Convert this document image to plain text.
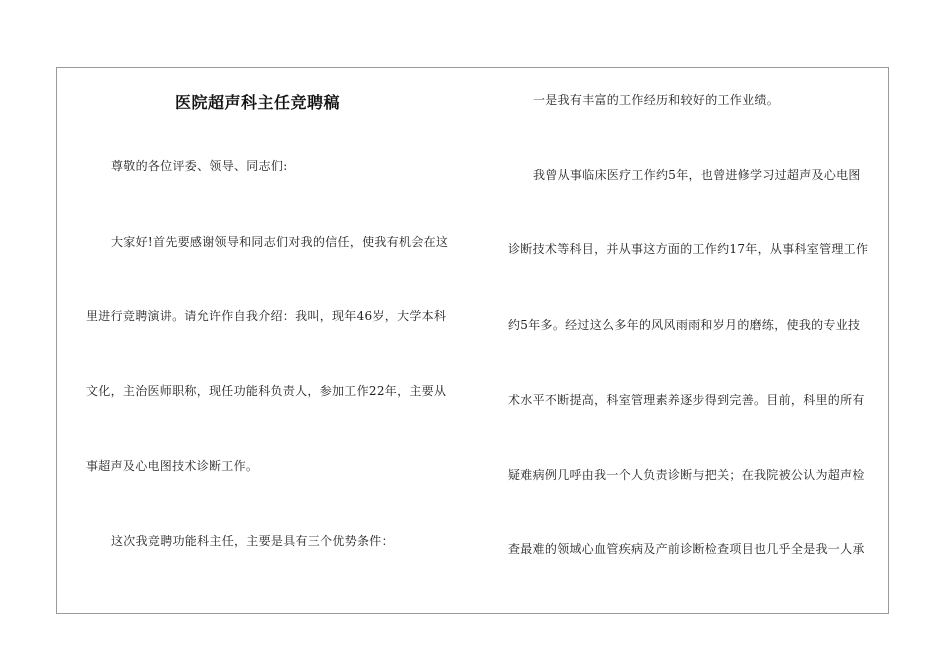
医院超声科主任竞聘稿
尊敬的各位评委、领导、同志们:
大家好!首先要感谢领导和同志们对我的信任，使我有机会在这
里进行竞聘演讲。请允许作自我介绍：我叫，现年46岁，大学本科
文化，主治医师职称，现任功能科负责人，参加工作22年，主要从
事超声及心电图技术诊断工作。
这次我竞聘功能科主任，主要是具有三个优势条件：
一是我有丰富的工作经历和较好的工作业绩。
我曾从事临床医疗工作约5年，也曾进修学习过超声及心电图
诊断技术等科目，并从事这方面的工作约17年，从事科室管理工作
约5年多。经过这么多年的风风雨雨和岁月的磨练，使我的专业技
术水平不断提高，科室管理素养逐步得到完善。目前，科里的所有
疑难病例几呼由我一个人负责诊断与把关；在我院被公认为超声检
查最难的领域心血管疾病及产前诊断检查项目也几乎全是我一人承
